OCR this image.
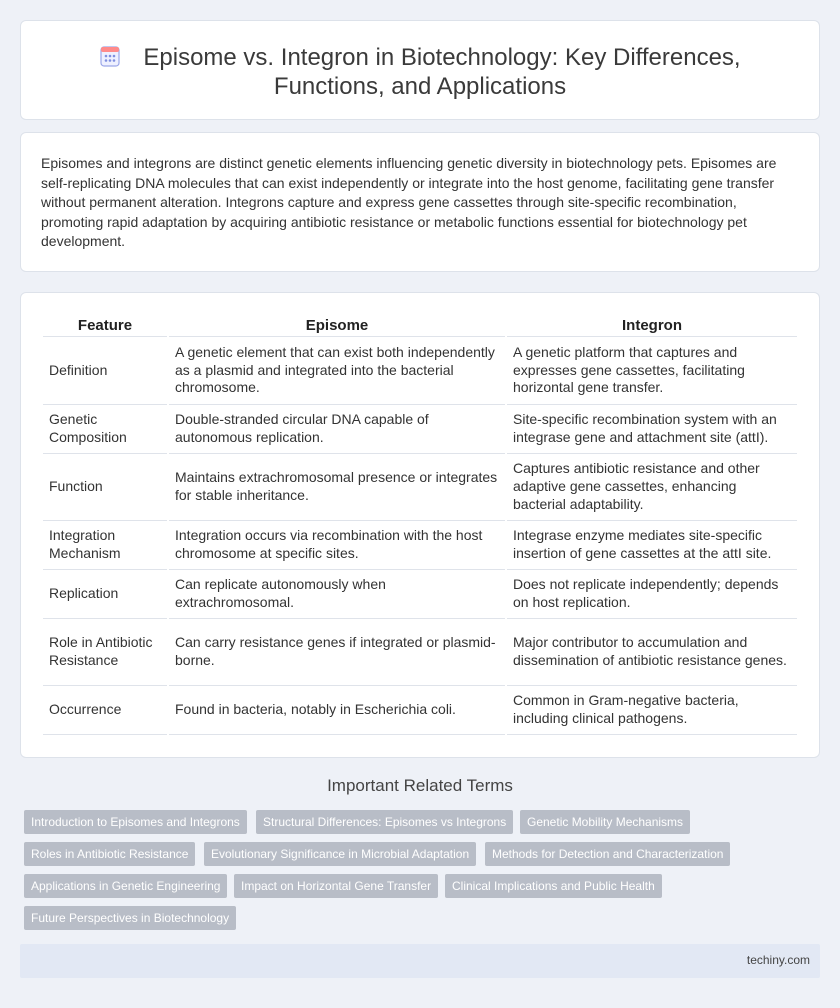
Episome vs. Integron in Biotechnology: Key Differences, Functions, and Applications

Episomes and integrons are distinct genetic elements influencing genetic diversity in biotechnology pets. Episomes are self-replicating DNA molecules that can exist independently or integrate into the host genome, facilitating gene transfer without permanent alteration. Integrons capture and express gene cassettes through site-specific recombination, promoting rapid adaptation by acquiring antibiotic resistance or metabolic functions essential for biotechnology pet development.

Feature	Episome	Integron
Definition	A genetic element that can exist both independently as a plasmid and integrated into the bacterial chromosome.	A genetic platform that captures and expresses gene cassettes, facilitating horizontal gene transfer.
Genetic Composition	Double-stranded circular DNA capable of autonomous replication.	Site-specific recombination system with an integrase gene and attachment site (attI).
Function	Maintains extrachromosomal presence or integrates for stable inheritance.	Captures antibiotic resistance and other adaptive gene cassettes, enhancing bacterial adaptability.
Integration Mechanism	Integration occurs via recombination with the host chromosome at specific sites.	Integrase enzyme mediates site-specific insertion of gene cassettes at the attI site.
Replication	Can replicate autonomously when extrachromosomal.	Does not replicate independently; depends on host replication.
Role in Antibiotic Resistance	Can carry resistance genes if integrated or plasmid-borne.	Major contributor to accumulation and dissemination of antibiotic resistance genes.
Occurrence	Found in bacteria, notably in Escherichia coli.	Common in Gram-negative bacteria, including clinical pathogens.
Important Related Terms
Introduction to Episomes and Integrons	Structural Differences: Episomes vs Integrons	Genetic Mobility Mechanisms
Roles in Antibiotic Resistance	Evolutionary Significance in Microbial Adaptation	Methods for Detection and Characterization
Applications in Genetic Engineering	Impact on Horizontal Gene Transfer	Clinical Implications and Public Health
Future Perspectives in Biotechnology
techiny.com
